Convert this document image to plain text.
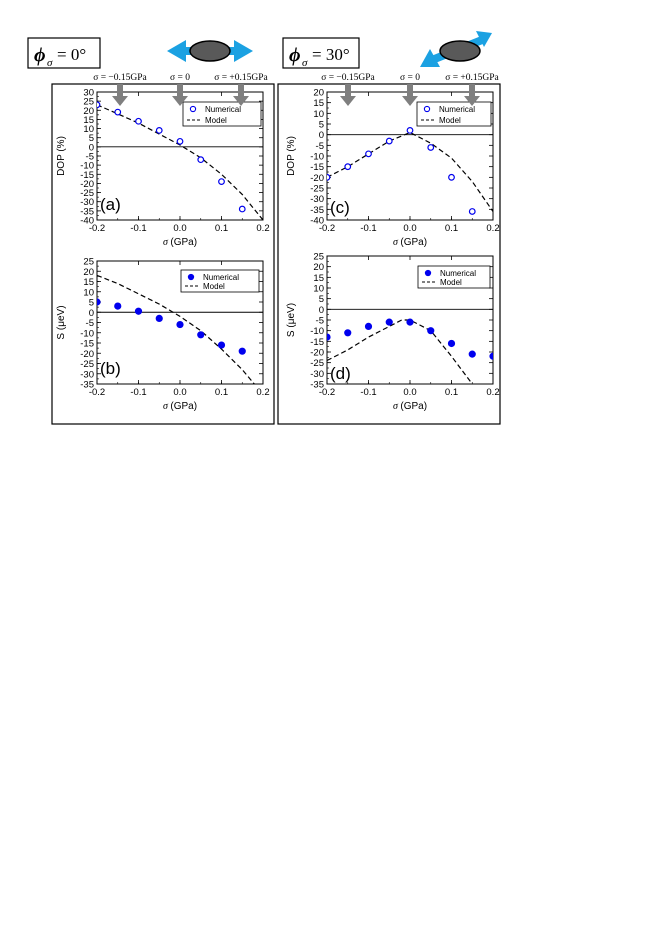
ϕ σ = 0°	ϕ σ = 30°
σ = −0.15GPa σ = 0	σ = +0.15GPa	σ = −0.15GPa	σ = 0	σ = +0.15GPa
30
25
20
15
10
5
0
-5
-10
-15
-20
-25
-30
-35
-40
-0.2	-0.1	0.0	0.1	0.2
σ (GPa)
DOP (%)
(a)
Numerical
Model
25
20
15
10
5
0
-5
-10
-15
-20
-25
-30
-35
-0.2	-0.1	0.0	0.1	0.2
σ (GPa)
S (μeV)
(b)
Numerical
Model
20
15
10
5
0
-5
-10
-15
-20
-25
-30
-35
-40
-0.2	-0.1	0.0	0.1	0.2
σ (GPa)
DOP (%)
(c)
Numerical
Model
25
20
15
10
5
0
-5
-10
-15
-20
-25
-30
-35
-0.2	-0.1	0.0	0.1	0.2
σ (GPa)
S (μeV)
(d)
Numerical
Model
